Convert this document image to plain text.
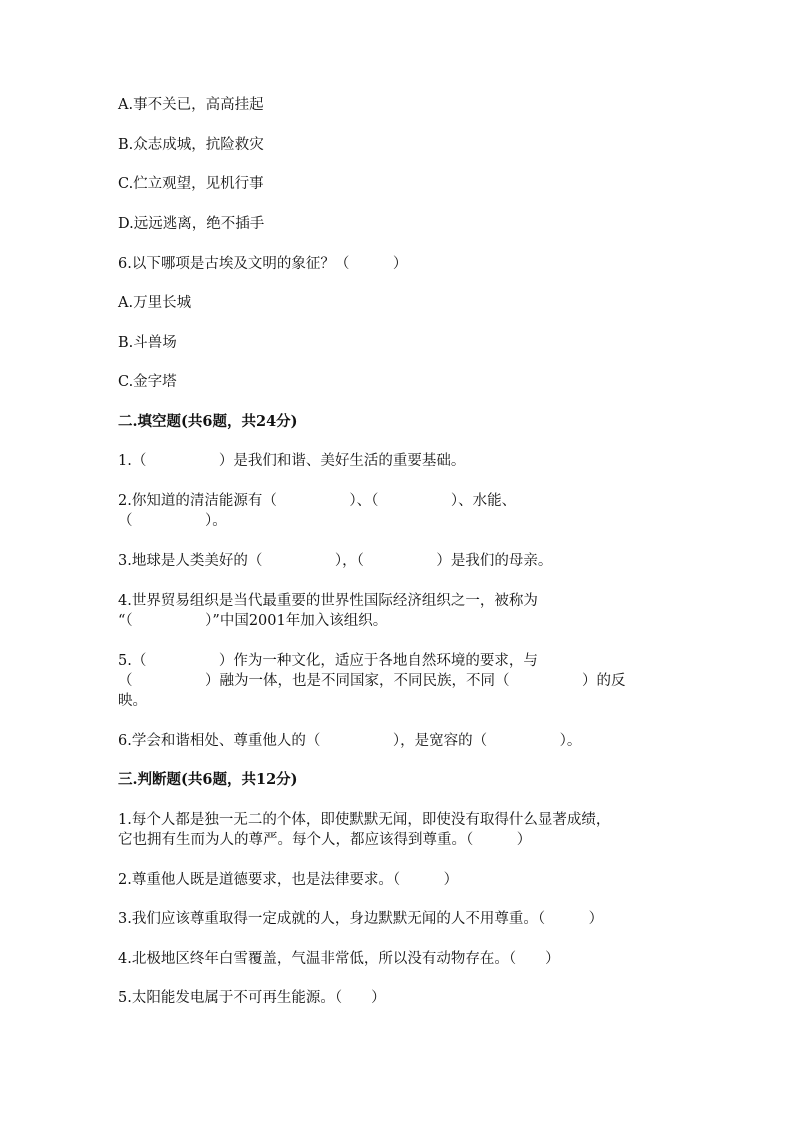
A.事不关已，高高挂起
B.众志成城，抗险救灾
C.伫立观望，见机行事
D.远远逃离，绝不插手
6.以下哪项是古埃及文明的象征？（　　　）
A.万里长城
B.斗兽场
C.金字塔
二.填空题(共6题，共24分)
1.（　　　　　）是我们和谐、美好生活的重要基础。
2.你知道的清洁能源有（　　　　　）、（　　　　　）、水能、
（　　　　　）。
3.地球是人类美好的（　　　　　），（　　　　　）是我们的母亲。
4.世界贸易组织是当代最重要的世界性国际经济组织之一，被称为
“（　　　　　）”中国2001年加入该组织。
5.（　　　　　）作为一种文化，适应于各地自然环境的要求，与
（　　　　　）融为一体，也是不同国家，不同民族，不同（　　　　　）的反
映。
6.学会和谐相处、尊重他人的（　　　　　），是宽容的（　　　　　）。
三.判断题(共6题，共12分)
1.每个人都是独一无二的个体，即使默默无闻，即使没有取得什么显著成绩，
它也拥有生而为人的尊严。每个人，都应该得到尊重。（　　　）
2.尊重他人既是道德要求，也是法律要求。（　　　）
3.我们应该尊重取得一定成就的人，身边默默无闻的人不用尊重。（　　　）
4.北极地区终年白雪覆盖，气温非常低，所以没有动物存在。（　　）
5.太阳能发电属于不可再生能源。（　　）
